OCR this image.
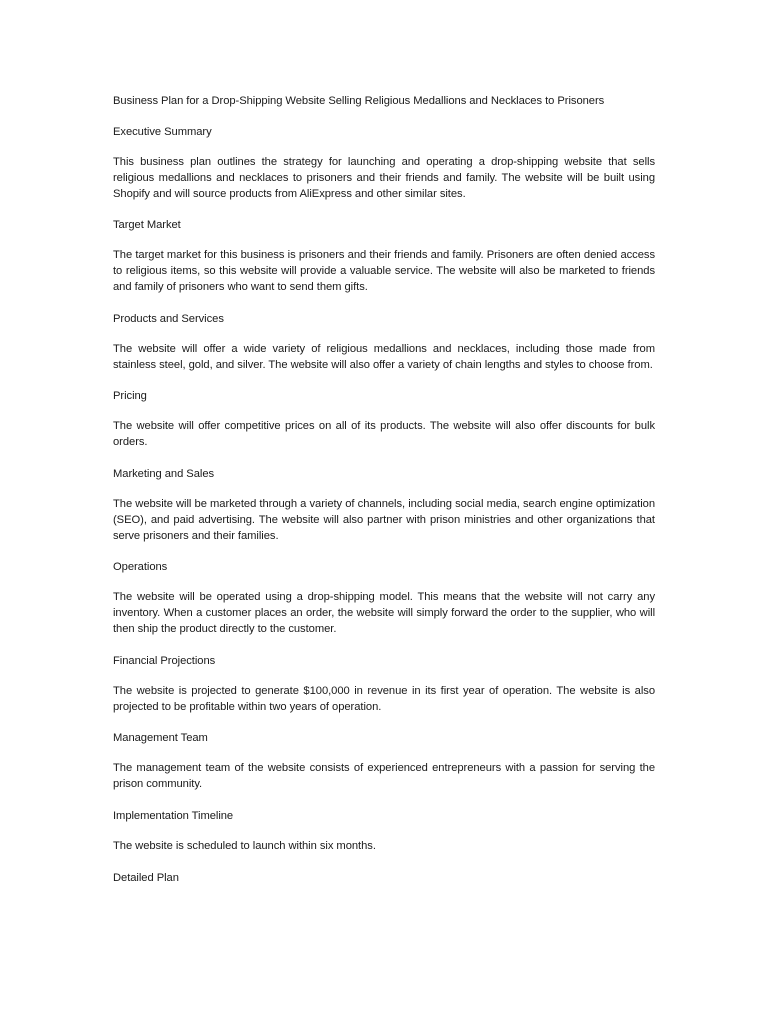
Business Plan for a Drop-Shipping Website Selling Religious Medallions and Necklaces to Prisoners

Executive Summary

This business plan outlines the strategy for launching and operating a drop-shipping website that sells religious medallions and necklaces to prisoners and their friends and family. The website will be built using Shopify and will source products from AliExpress and other similar sites.

Target Market

The target market for this business is prisoners and their friends and family. Prisoners are often denied access to religious items, so this website will provide a valuable service. The website will also be marketed to friends and family of prisoners who want to send them gifts.

Products and Services

The website will offer a wide variety of religious medallions and necklaces, including those made from stainless steel, gold, and silver. The website will also offer a variety of chain lengths and styles to choose from.

Pricing

The website will offer competitive prices on all of its products. The website will also offer discounts for bulk orders.

Marketing and Sales

The website will be marketed through a variety of channels, including social media, search engine optimization (SEO), and paid advertising. The website will also partner with prison ministries and other organizations that serve prisoners and their families.

Operations

The website will be operated using a drop-shipping model. This means that the website will not carry any inventory. When a customer places an order, the website will simply forward the order to the supplier, who will then ship the product directly to the customer.

Financial Projections

The website is projected to generate $100,000 in revenue in its first year of operation. The website is also projected to be profitable within two years of operation.

Management Team

The management team of the website consists of experienced entrepreneurs with a passion for serving the prison community.

Implementation Timeline

The website is scheduled to launch within six months.

Detailed Plan
